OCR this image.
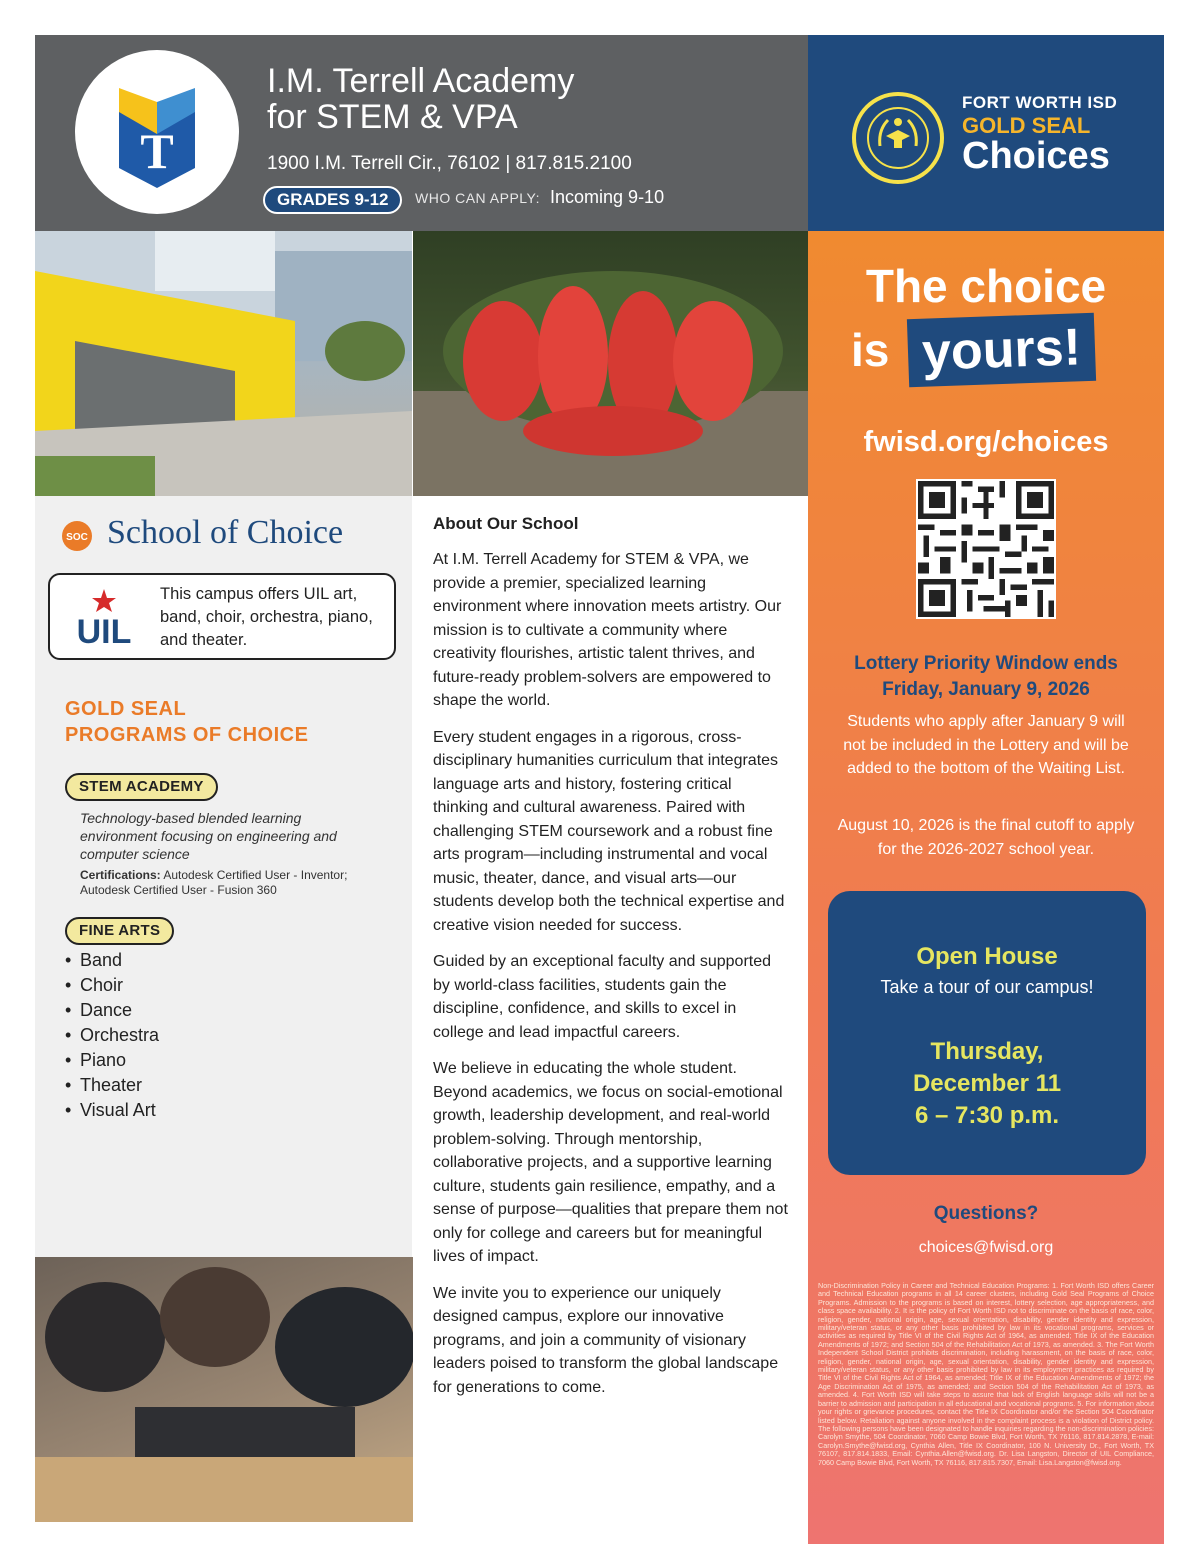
T
I.M. Terrell Academy
for STEM & VPA
1900 I.M. Terrell Cir., 76102 | 817.815.2100
GRADES 9-12	WHO CAN APPLY: Incoming 9-10
FORT WORTH ISD
GOLD SEAL
Choices
SOC School of Choice
UIL
This campus offers UIL art, band, choir, orchestra, piano, and theater.
GOLD SEAL
PROGRAMS OF CHOICE
STEM ACADEMY
Technology-based blended learning environment focusing on engineering and computer science
Certifications: Autodesk Certified User - Inventor; Autodesk Certified User - Fusion 360
FINE ARTS
• Band
• Choir
• Dance
• Orchestra
• Piano
• Theater
• Visual Art
About Our School

At I.M. Terrell Academy for STEM & VPA, we provide a premier, specialized learning environment where innovation meets artistry. Our mission is to cultivate a community where creativity flourishes, artistic talent thrives, and future-ready problem-solvers are empowered to shape the world.

Every student engages in a rigorous, cross-disciplinary humanities curriculum that integrates language arts and history, fostering critical thinking and cultural awareness. Paired with challenging STEM coursework and a robust fine arts program—including instrumental and vocal music, theater, dance, and visual arts—our students develop both the technical expertise and creative vision needed for success.

Guided by an exceptional faculty and supported by world-class facilities, students gain the discipline, confidence, and skills to excel in college and lead impactful careers.

We believe in educating the whole student. Beyond academics, we focus on social-emotional growth, leadership development, and real-world problem-solving. Through mentorship, collaborative projects, and a supportive learning culture, students gain resilience, empathy, and a sense of purpose—qualities that prepare them not only for college and careers but for meaningful lives of impact.

We invite you to experience our uniquely designed campus, explore our innovative programs, and join a community of visionary leaders poised to transform the global landscape for generations to come.

The choice
is yours!
fwisd.org/choices
Lottery Priority Window ends
Friday, January 9, 2026
Students who apply after January 9 will not be included in the Lottery and will be added to the bottom of the Waiting List.
August 10, 2026 is the final cutoff to apply for the 2026-2027 school year.
Open House
Take a tour of our campus!
Thursday,
December 11
6 – 7:30 p.m.
Questions?
choices@fwisd.org
Non-Discrimination Policy in Career and Technical Education Programs: 1. Fort Worth ISD offers Career and Technical Education programs in all 14 career clusters, including Gold Seal Programs of Choice Programs. Admission to the programs is based on interest, lottery selection, age appropriateness, and class space availability. 2. It is the policy of Fort Worth ISD not to discriminate on the basis of race, color, religion, gender, national origin, age, sexual orientation, disability, gender identity and expression, military/veteran status, or any other basis prohibited by law in its vocational programs, services or activities as required by Title VI of the Civil Rights Act of 1964, as amended; Title IX of the Education Amendments of 1972; and Section 504 of the Rehabilitation Act of 1973, as amended. 3. The Fort Worth Independent School District prohibits discrimination, including harassment, on the basis of race, color, religion, gender, national origin, age, sexual orientation, disability, gender identity and expression, military/veteran status, or any other basis prohibited by law in its employment practices as required by Title VI of the Civil Rights Act of 1964, as amended; Title IX of the Education Amendments of 1972; the Age Discrimination Act of 1975, as amended; and Section 504 of the Rehabilitation Act of 1973, as amended. 4. Fort Worth ISD will take steps to assure that lack of English language skills will not be a barrier to admission and participation in all educational and vocational programs. 5. For information about your rights or grievance procedures, contact the Title IX Coordinator and/or the Section 504 Coordinator listed below. Retaliation against anyone involved in the complaint process is a violation of District policy. The following persons have been designated to handle inquiries regarding the non-discrimination policies: Carolyn Smythe, 504 Coordinator, 7060 Camp Bowie Blvd, Fort Worth, TX 76116, 817.814.2878, E-mail: Carolyn.Smythe@fwisd.org, Cynthia Allen, Title IX Coordinator, 100 N. University Dr., Fort Worth, TX 76107, 817.814.1833, Email: Cynthia.Allen@fwisd.org. Dr. Lisa Langston, Director of UIL Compliance, 7060 Camp Bowie Blvd, Fort Worth, TX 76116, 817.815.7307, Email: Lisa.Langston@fwisd.org.
